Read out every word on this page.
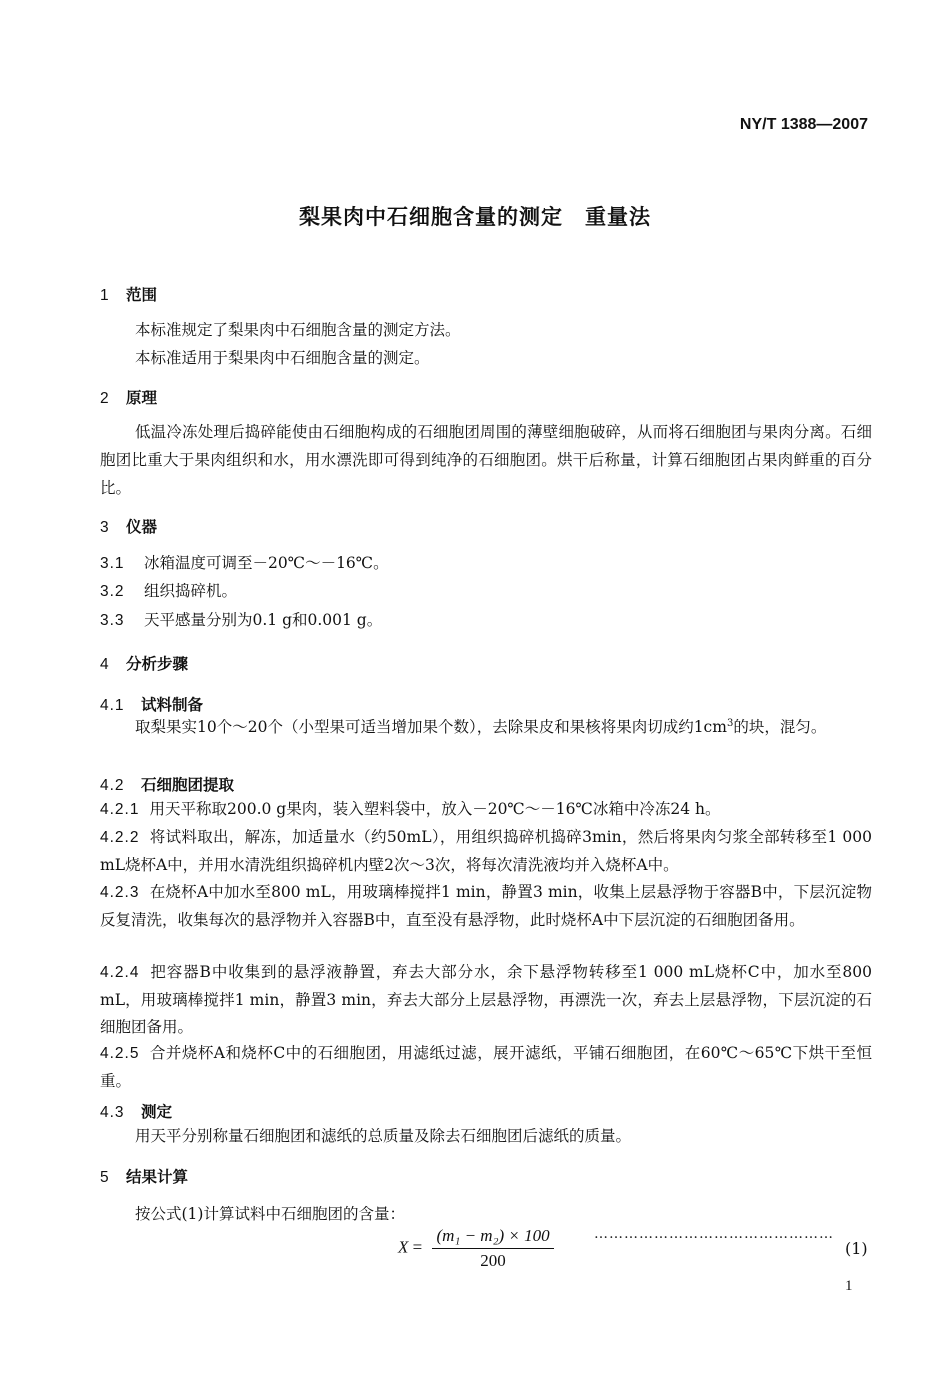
NY/T 1388—2007
梨果肉中石细胞含量的测定　重量法
1 范围
本标准规定了梨果肉中石细胞含量的测定方法。
本标准适用于梨果肉中石细胞含量的测定。
2 原理
低温冷冻处理后捣碎能使由石细胞构成的石细胞团周围的薄壁细胞破碎，从而将石细胞团与果肉分离。石细胞团比重大于果肉组织和水，用水漂洗即可得到纯净的石细胞团。烘干后称量，计算石细胞团占果肉鲜重的百分比。
3 仪器
3.1 冰箱温度可调至－20℃～－16℃。
3.2 组织捣碎机。
3.3 天平感量分别为0.1 g和0.001 g。
4 分析步骤
4.1 试料制备
取梨果实10个～20个（小型果可适当增加果个数），去除果皮和果核将果肉切成约$1cm^3$的块，混匀。
4.2 石细胞团提取
4.2.1 用天平称取200.0 g果肉，装入塑料袋中，放入－20℃～－16℃冰箱中冷冻24 h。
4.2.2 将试料取出，解冻，加适量水（约50mL），用组织捣碎机捣碎3min，然后将果肉匀浆全部转移至1 000 mL烧杯A中，并用水清洗组织捣碎机内壁2次～3次，将每次清洗液均并入烧杯A中。
4.2.3 在烧杯A中加水至800 mL，用玻璃棒搅拌1 min，静置3 min，收集上层悬浮物于容器B中，下层沉淀物反复清洗，收集每次的悬浮物并入容器B中，直至没有悬浮物，此时烧杯A中下层沉淀的石细胞团备用。
4.2.4 把容器B中收集到的悬浮液静置，弃去大部分水，余下悬浮物转移至1 000 mL烧杯C中，加水至800 mL，用玻璃棒搅拌1 min，静置3 min，弃去大部分上层悬浮物，再漂洗一次，弃去上层悬浮物，下层沉淀的石细胞团备用。
4.2.5 合并烧杯A和烧杯C中的石细胞团，用滤纸过滤，展开滤纸，平铺石细胞团，在60℃～65℃下烘干至恒重。
4.3 测定
用天平分别称量石细胞团和滤纸的总质量及除去石细胞团后滤纸的质量。
5 结果计算
按公式(1)计算试料中石细胞团的含量：
$X = \frac{\text{(m₁ − m₂) × 100}}{200}$	…………………………………………
(1)
1
